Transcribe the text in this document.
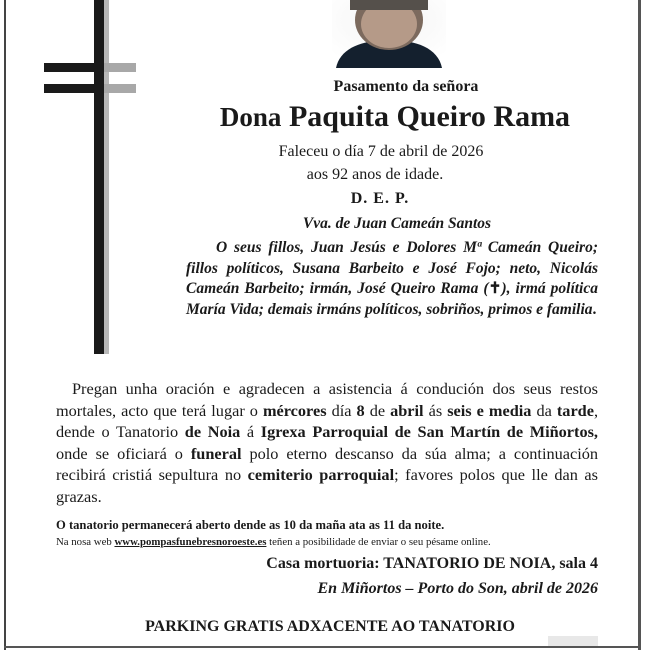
Pasamento da señora
Dona Paquita Queiro Rama
Faleceu o día 7 de abril de 2026
aos 92 anos de idade.
D. E. P.
Vva. de Juan Cameán Santos
O seus fillos, Juan Jesús e Dolores Mª Cameán Queiro; fillos políticos, Susana Barbeito e José Fojo; neto, Nicolás Cameán Barbeito; irmán, José Queiro Rama (✝), irmá política María Vida; demais irmáns políticos, sobriños, primos e familia.
Pregan unha oración e agradecen a asistencia á condución dos seus restos mortales, acto que terá lugar o mércores día 8 de abril ás seis e media da tarde, dende o Tanatorio de Noia á Igrexa Parroquial de San Martín de Miñortos, onde se oficiará o funeral polo eterno descanso da súa alma; a continuación recibirá cristiá sepultura no cemiterio parroquial; favores polos que lle dan as grazas.
O tanatorio permanecerá aberto dende as 10 da maña ata as 11 da noite.
Na nosa web www.pompasfunebresnoroeste.es teñen a posibilidade de enviar o seu pésame online.
Casa mortuoria: TANATORIO DE NOIA, sala 4
En Miñortos – Porto do Son, abril de 2026
PARKING GRATIS ADXACENTE AO TANATORIO
